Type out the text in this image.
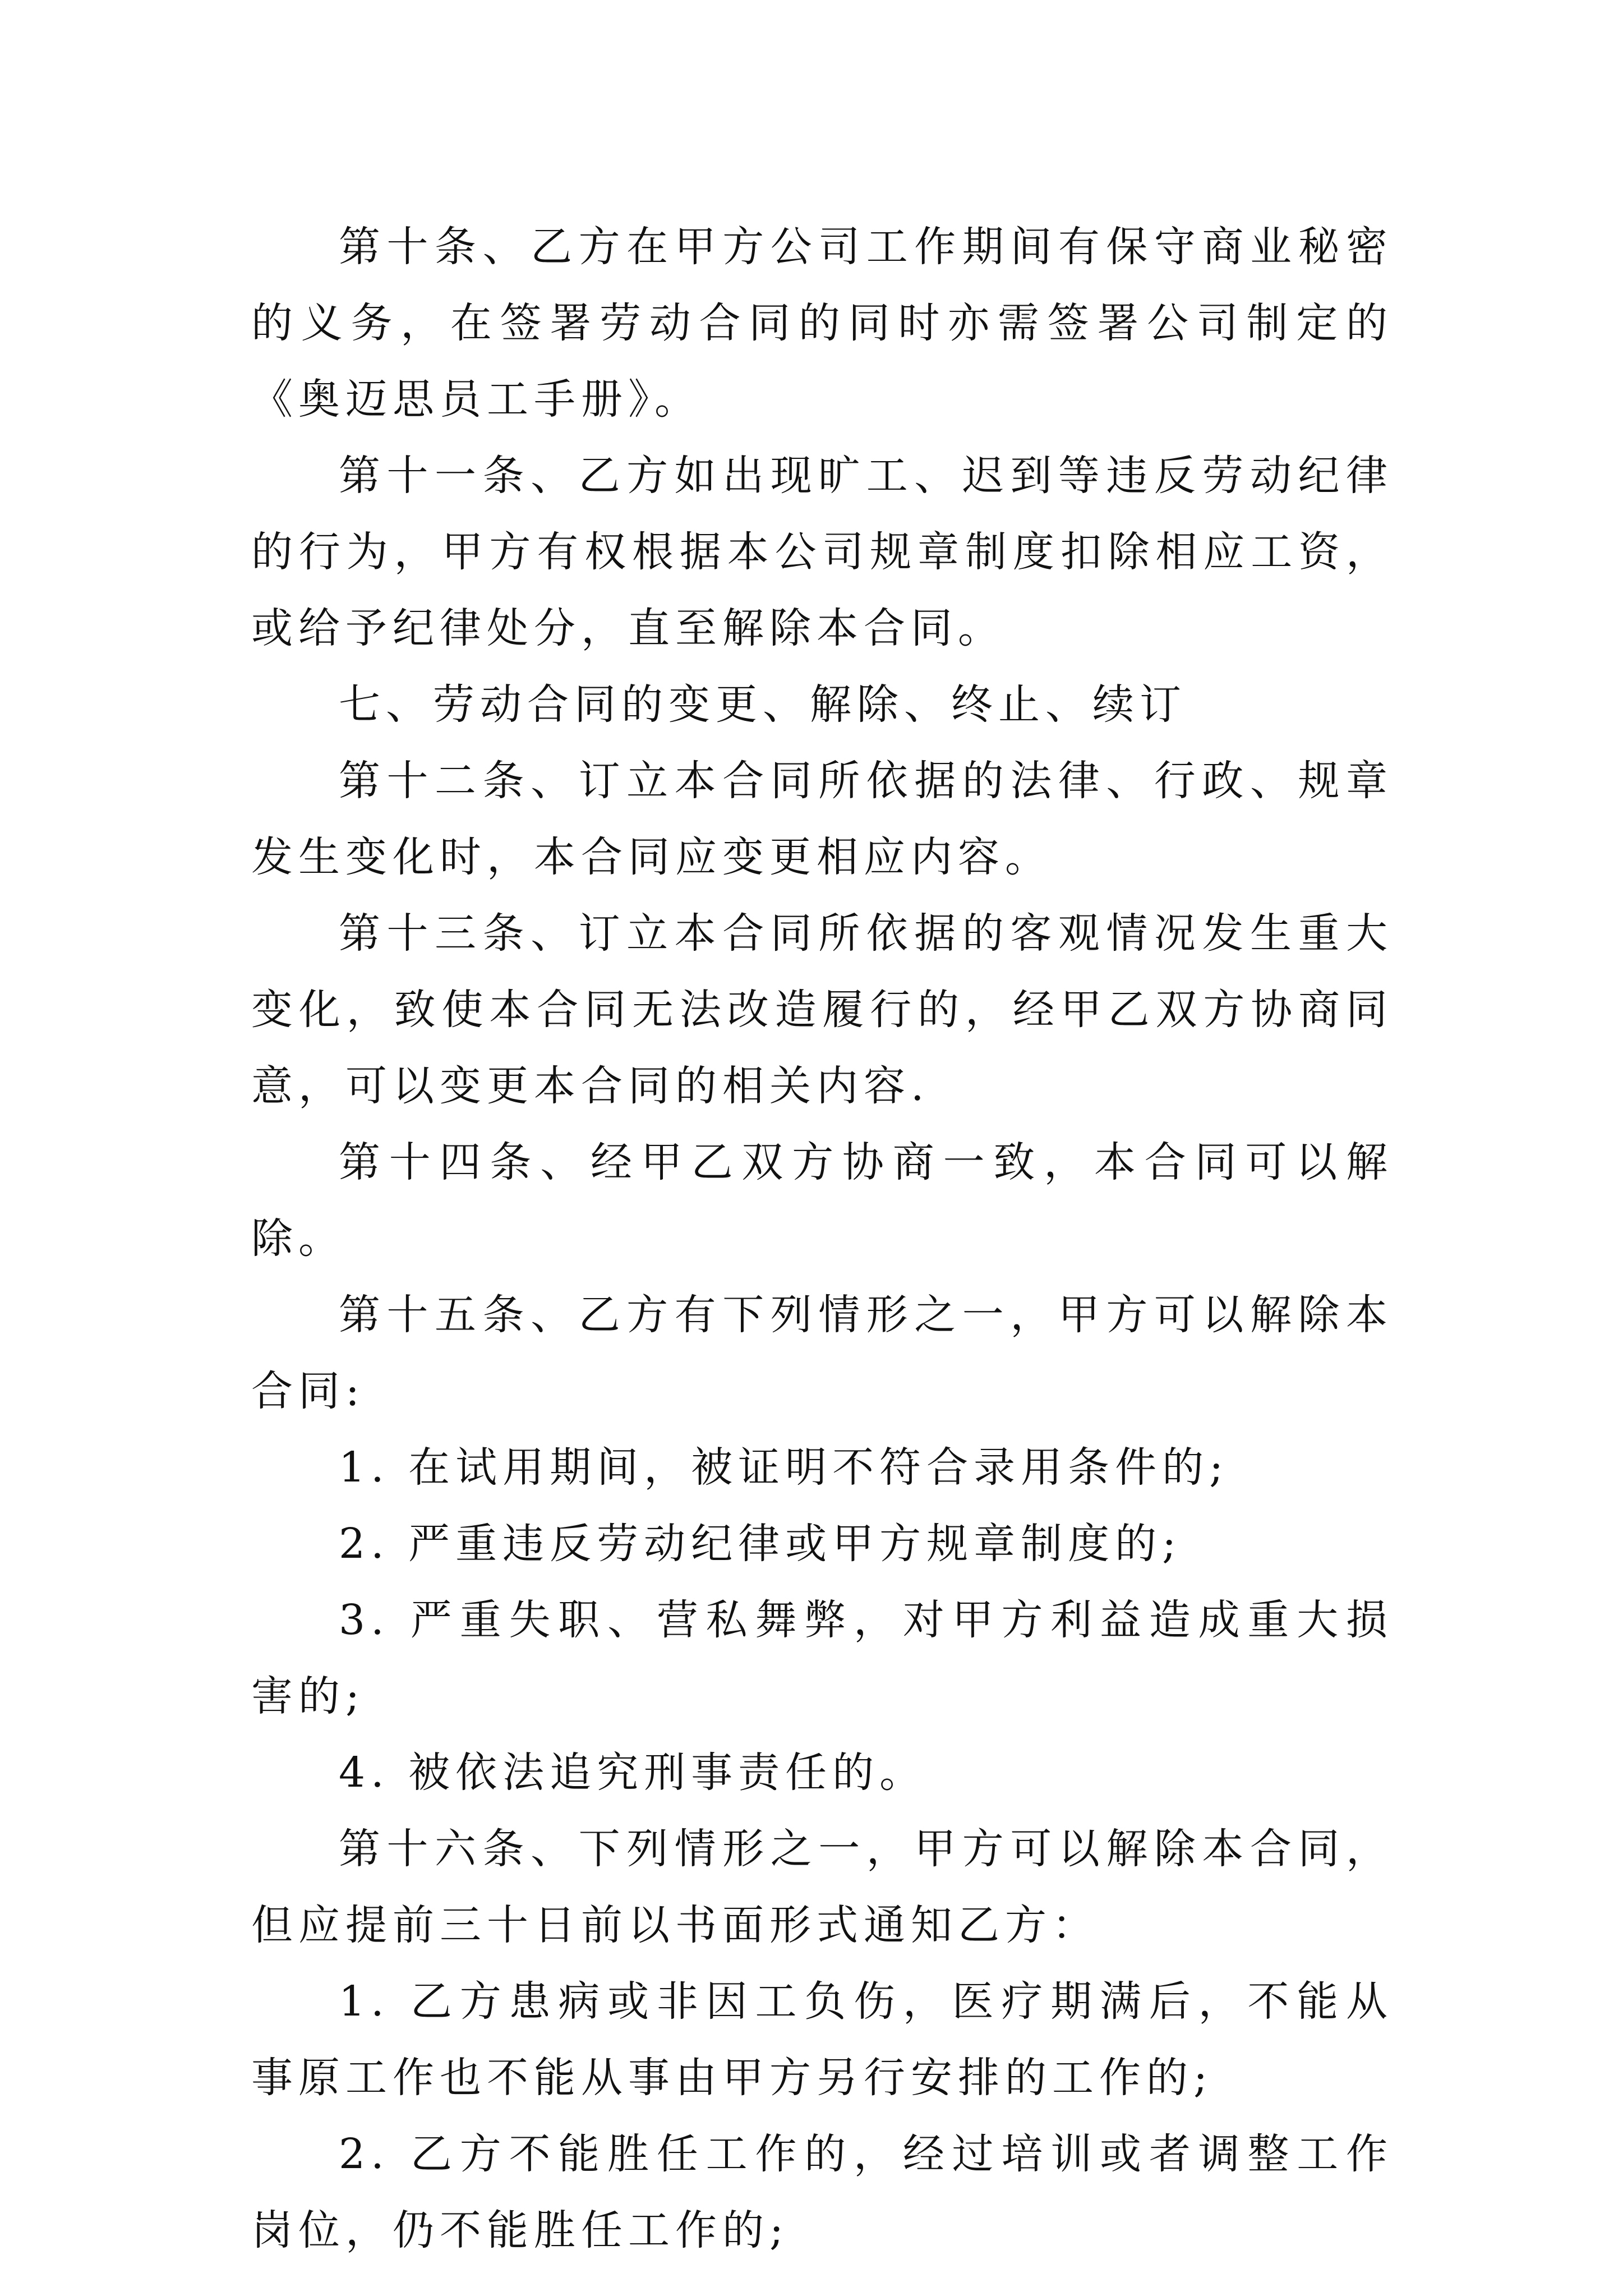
第十条、乙方在甲方公司工作期间有保守商业秘密的义务，在签署劳动合同的同时亦需签署公司制定的《奥迈思员工手册》。

第十一条、乙方如出现旷工、迟到等违反劳动纪律的行为，甲方有权根据本公司规章制度扣除相应工资，或给予纪律处分，直至解除本合同。

七、劳动合同的变更、解除、终止、续订

第十二条、订立本合同所依据的法律、行政、规章发生变化时，本合同应变更相应内容。

第十三条、订立本合同所依据的客观情况发生重大变化，致使本合同无法改造履行的，经甲乙双方协商同意，可以变更本合同的相关内容.

第十四条、经甲乙双方协商一致，本合同可以解除。

第十五条、乙方有下列情形之一，甲方可以解除本合同:

1. 在试用期间，被证明不符合录用条件的;

2. 严重违反劳动纪律或甲方规章制度的;

3. 严重失职、营私舞弊，对甲方利益造成重大损害的;

4. 被依法追究刑事责任的。

第十六条、下列情形之一，甲方可以解除本合同，但应提前三十日前以书面形式通知乙方：

1. 乙方患病或非因工负伤，医疗期满后，不能从事原工作也不能从事由甲方另行安排的工作的;

2. 乙方不能胜任工作的，经过培训或者调整工作岗位，仍不能胜任工作的;
